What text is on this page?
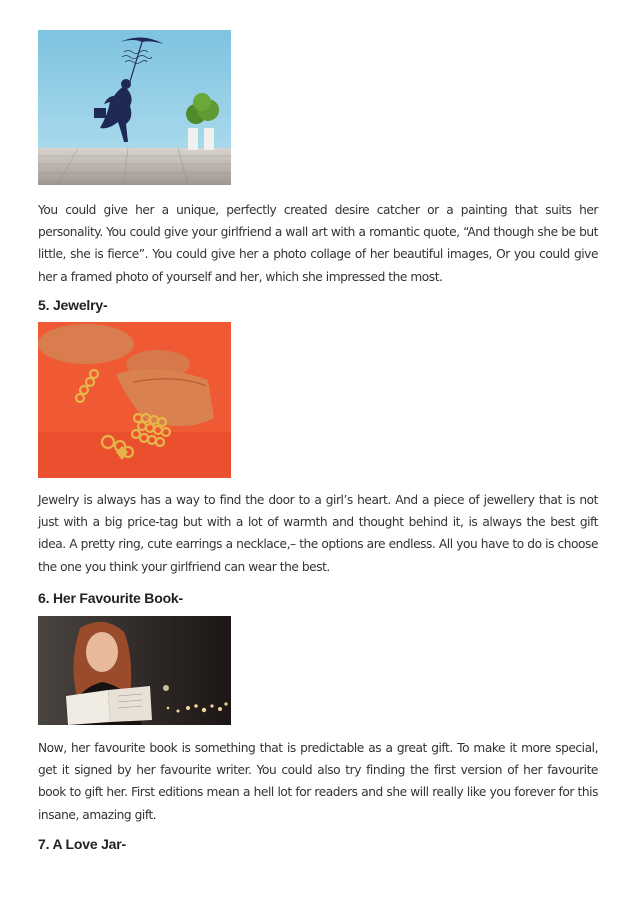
You could give her a unique, perfectly created desire catcher or a painting that suits her personality. You could give your girlfriend a wall art with a romantic quote, “And though she be but little, she is fierce”. You could give her a photo collage of her beautiful images, Or you could give her a framed photo of yourself and her, which she impressed the most.

5. Jewelry-

Jewelry is always has a way to find the door to a girl’s heart. And a piece of jewellery that is not just with a big price-tag but with a lot of warmth and thought behind it, is always the best gift idea. A pretty ring, cute earrings a necklace,– the options are endless. All you have to do is choose the one you think your girlfriend can wear the best.

6. Her Favourite Book-

Now, her favourite book is something that is predictable as a great gift. To make it more special, get it signed by her favourite writer. You could also try finding the first version of her favourite book to gift her. First editions mean a hell lot for readers and she will really like you forever for this insane, amazing gift.

7. A Love Jar-
